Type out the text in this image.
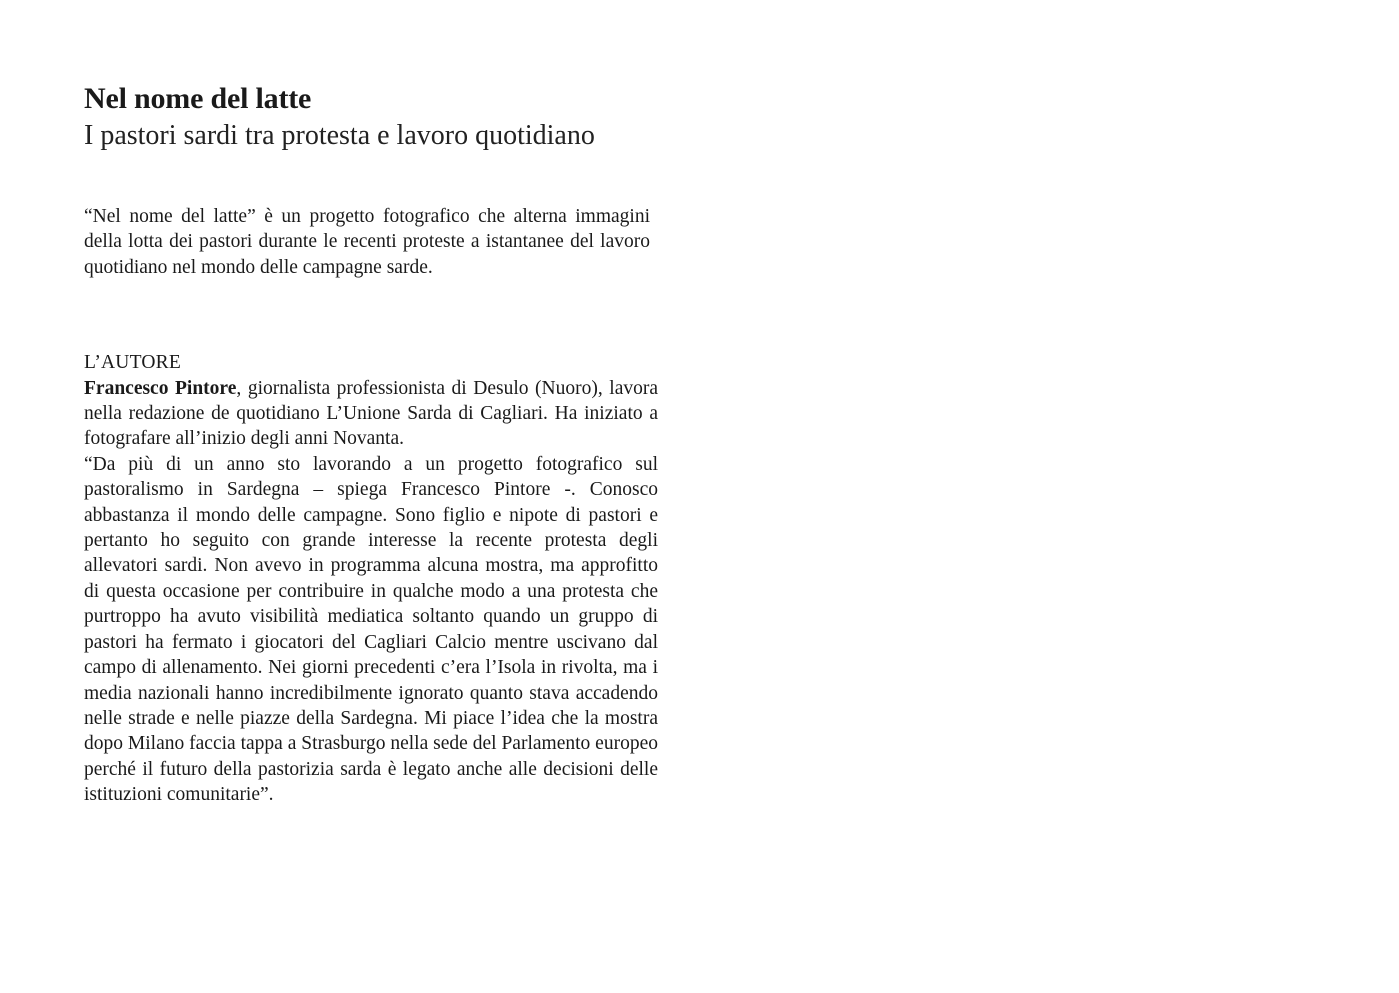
Nel nome del latte
I pastori sardi tra protesta e lavoro quotidiano

“Nel nome del latte” è un progetto fotografico che alterna immagini della lotta dei pastori durante le recenti proteste a istantanee del lavoro quotidiano nel mondo delle campagne sarde.

L’AUTORE

Francesco Pintore, giornalista professionista di Desulo (Nuoro), lavora nella redazione de quotidiano L’Unione Sarda di Cagliari. Ha iniziato a fotografare all’inizio degli anni Novanta.

“Da più di un anno sto lavorando a un progetto fotografico sul pastoralismo in Sardegna – spiega Francesco Pintore -. Conosco abbastanza il mondo delle campagne. Sono figlio e nipote di pastori e pertanto ho seguito con grande interesse la recente protesta degli allevatori sardi. Non avevo in programma alcuna mostra, ma approfitto di questa occasione per contribuire in qualche modo a una protesta che purtroppo ha avuto visibilità mediatica soltanto quando un gruppo di pastori ha fermato i giocatori del Cagliari Calcio mentre uscivano dal campo di allenamento. Nei giorni precedenti c’era l’Isola in rivolta, ma i media nazionali hanno incredibilmente ignorato quanto stava accadendo nelle strade e nelle piazze della Sardegna. Mi piace l’idea che la mostra dopo Milano faccia tappa a Strasburgo nella sede del Parlamento europeo perché il futuro della pastorizia sarda è legato anche alle decisioni delle istituzioni comunitarie”.
